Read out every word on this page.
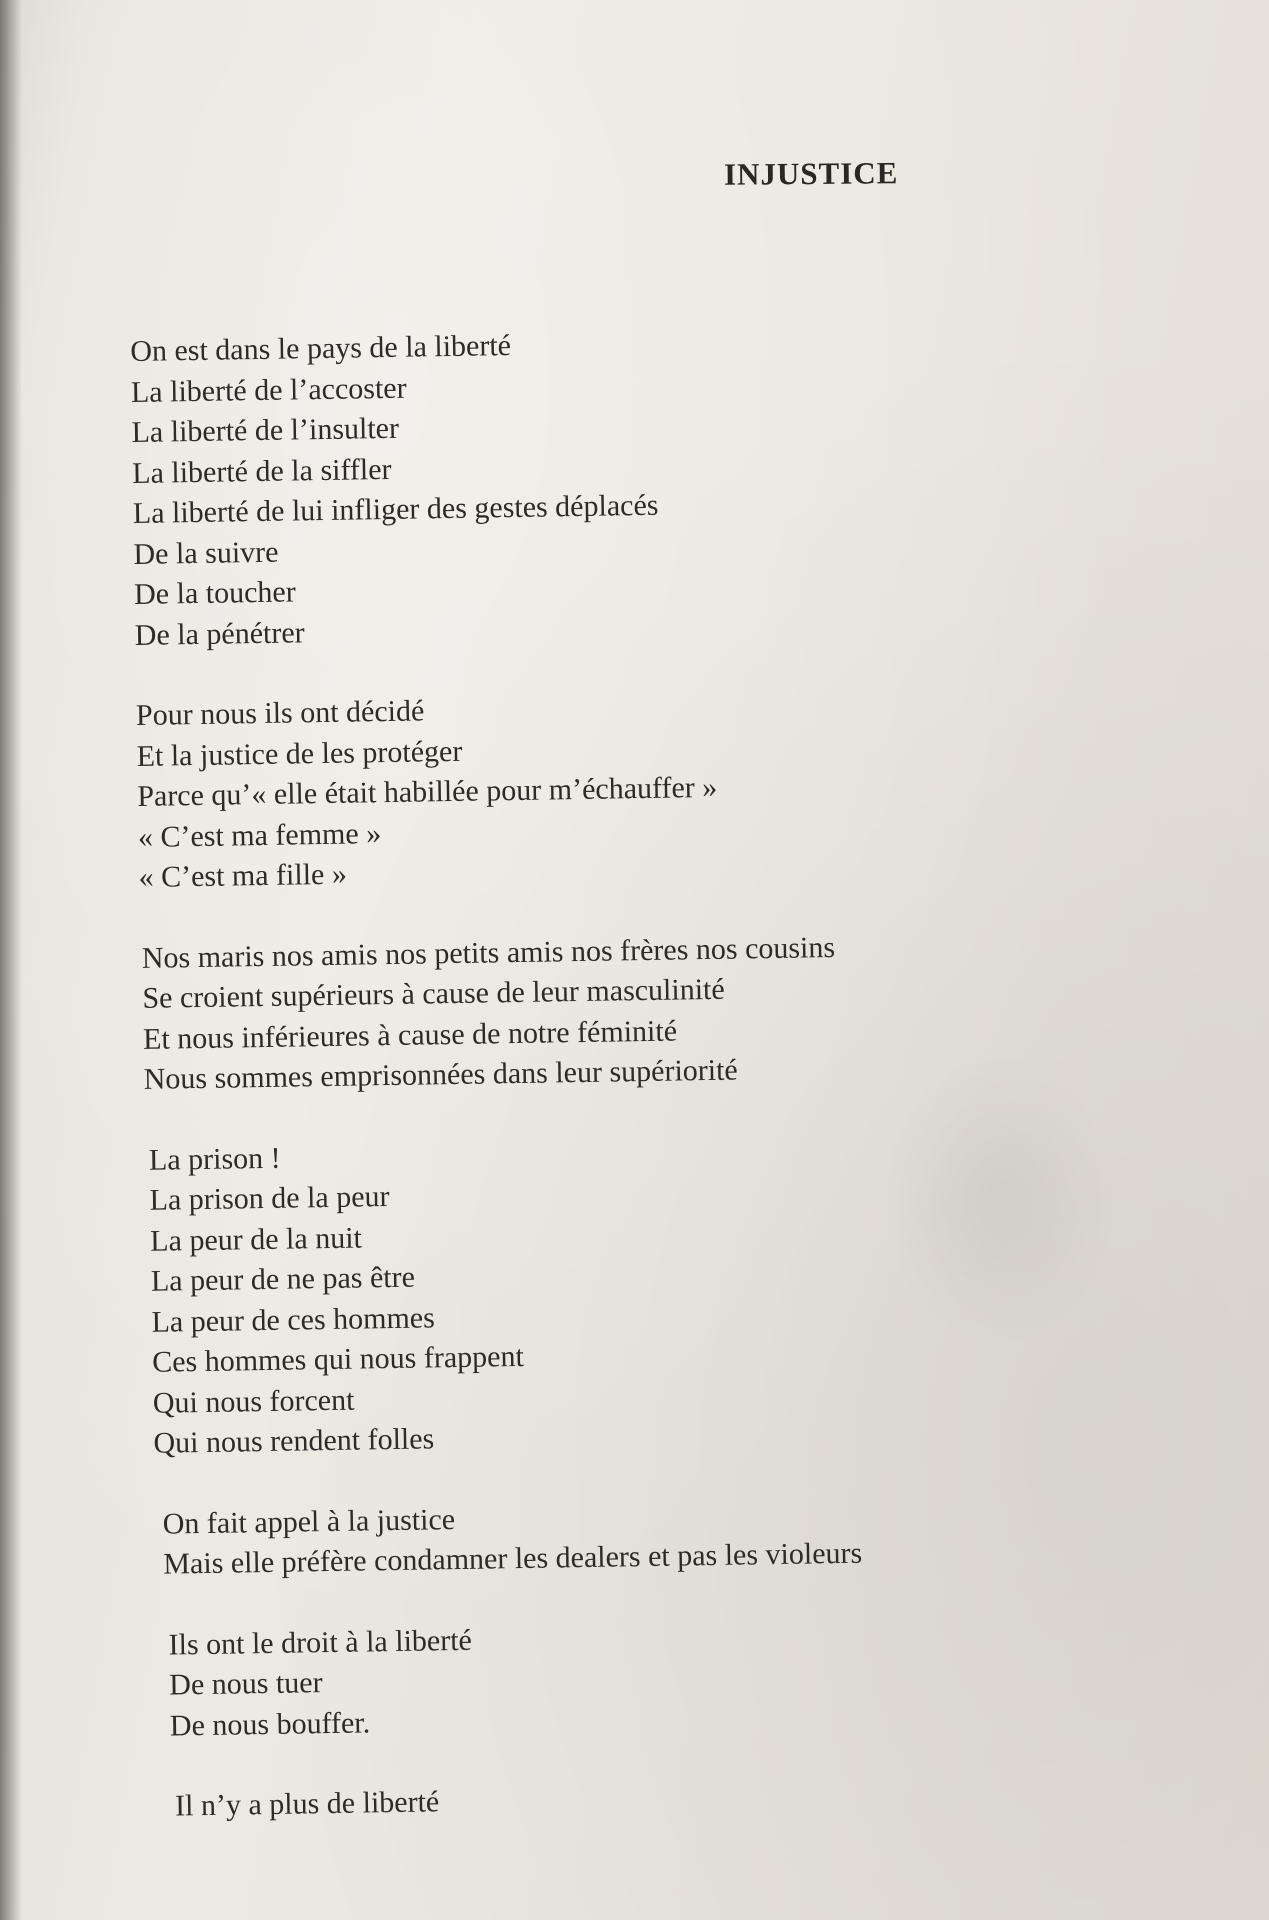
INJUSTICE
On est dans le pays de la liberté
La liberté de l’accoster
La liberté de l’insulter
La liberté de la siffler
La liberté de lui infliger des gestes déplacés
De la suivre
De la toucher
De la pénétrer
Pour nous ils ont décidé
Et la justice de les protéger
Parce qu’« elle était habillée pour m’échauffer »
« C’est ma femme »
« C’est ma fille »
Nos maris nos amis nos petits amis nos frères nos cousins
Se croient supérieurs à cause de leur masculinité
Et nous inférieures à cause de notre féminité
Nous sommes emprisonnées dans leur supériorité
La prison !
La prison de la peur
La peur de la nuit
La peur de ne pas être
La peur de ces hommes
Ces hommes qui nous frappent
Qui nous forcent
Qui nous rendent folles
On fait appel à la justice
Mais elle préfère condamner les dealers et pas les violeurs
Ils ont le droit à la liberté
De nous tuer
De nous bouffer.
Il n’y a plus de liberté
